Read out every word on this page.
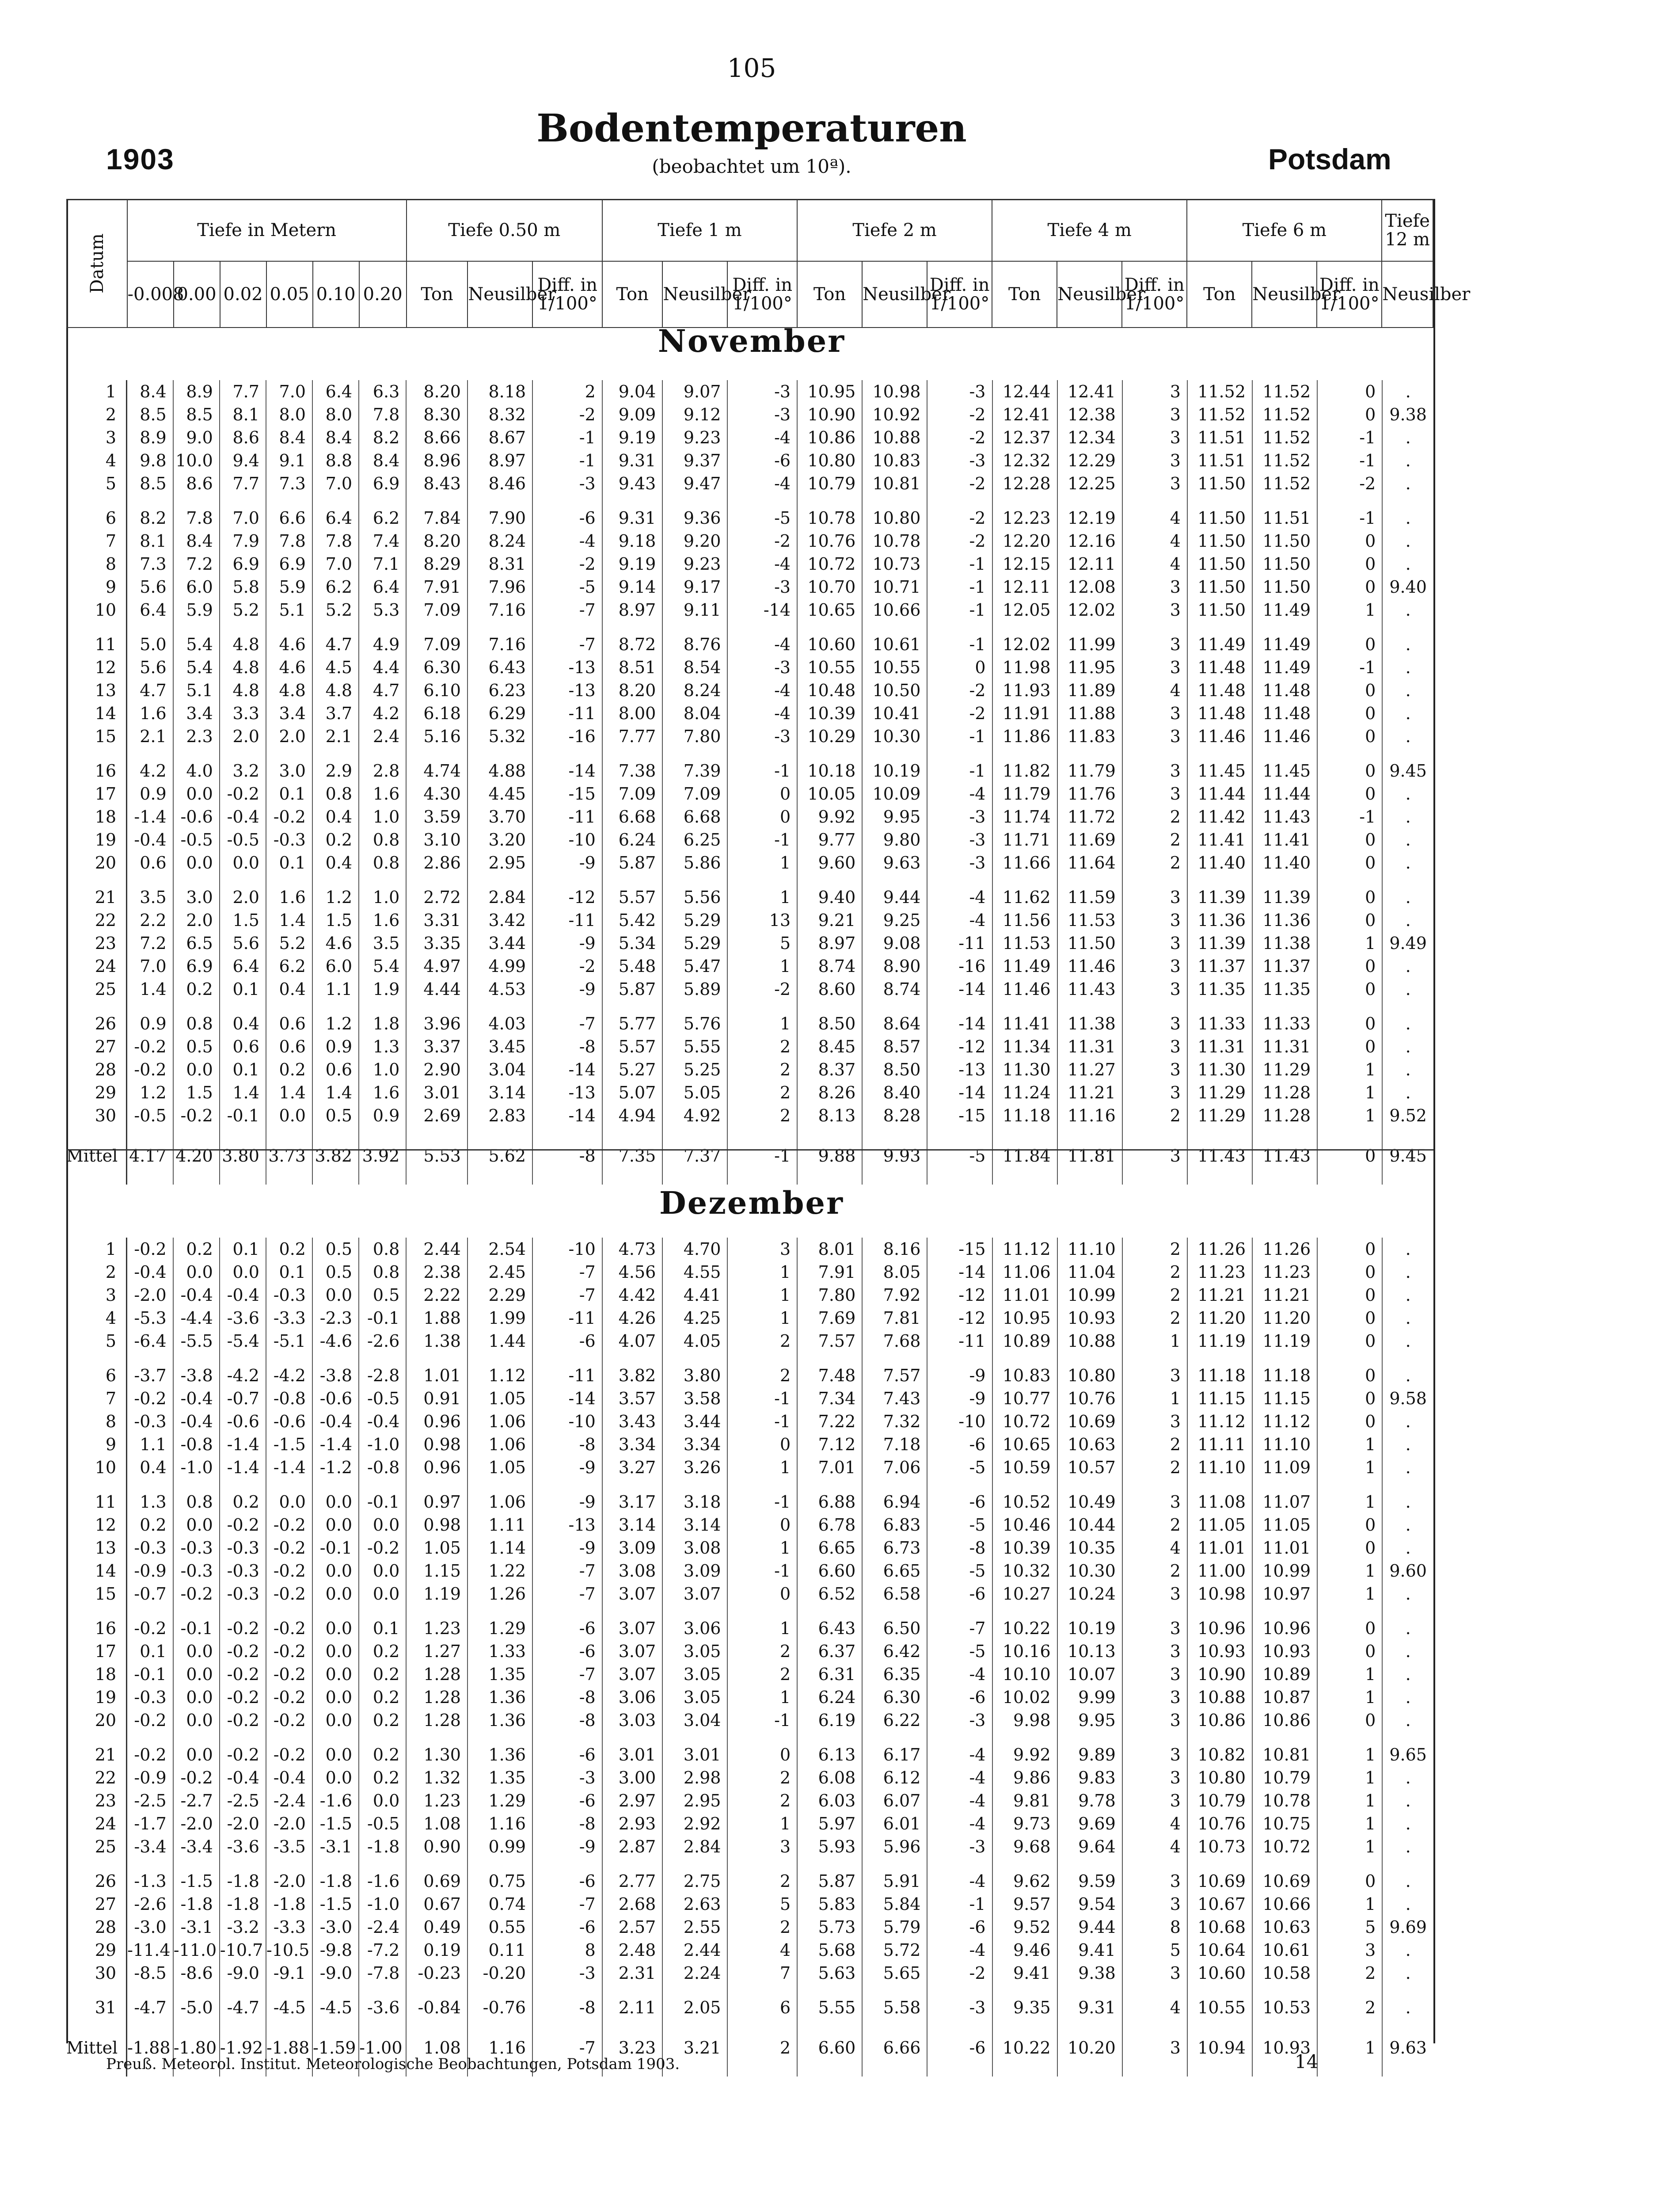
105
Bodentemperaturen
1903	Potsdam
(beobachtet um 10ª).
Datum	Tiefe in Metern						Tiefe 0.50 m			Tiefe 1 m			Tiefe 2 m			Tiefe 4 m			Tiefe 6 m			Tiefe 12 m
	-0.008	0.00	0.02	0.05	0.10	0.20	Ton	Neusilber	Diff. in 1/100°	Ton	Neusilber	Diff. in 1/100°	Ton	Neusilber	Diff. in 1/100°	Ton	Neusilber	Diff. in 1/100°	Ton	Neusilber	Diff. in 1/100°	Neusilber
November
1	8.4	8.9	7.7	7.0	6.4	6.3	8.20	8.18	2	9.04	9.07	-3	10.95	10.98	-3	12.44	12.41	3	11.52	11.52	0	.
2	8.5	8.5	8.1	8.0	8.0	7.8	8.30	8.32	-2	9.09	9.12	-3	10.90	10.92	-2	12.41	12.38	3	11.52	11.52	0	9.38
3	8.9	9.0	8.6	8.4	8.4	8.2	8.66	8.67	-1	9.19	9.23	-4	10.86	10.88	-2	12.37	12.34	3	11.51	11.52	-1	.
4	9.8	10.0	9.4	9.1	8.8	8.4	8.96	8.97	-1	9.31	9.37	-6	10.80	10.83	-3	12.32	12.29	3	11.51	11.52	-1	.
5	8.5	8.6	7.7	7.3	7.0	6.9	8.43	8.46	-3	9.43	9.47	-4	10.79	10.81	-2	12.28	12.25	3	11.50	11.52	-2	.
6	8.2	7.8	7.0	6.6	6.4	6.2	7.84	7.90	-6	9.31	9.36	-5	10.78	10.80	-2	12.23	12.19	4	11.50	11.51	-1	.
7	8.1	8.4	7.9	7.8	7.8	7.4	8.20	8.24	-4	9.18	9.20	-2	10.76	10.78	-2	12.20	12.16	4	11.50	11.50	0	.
8	7.3	7.2	6.9	6.9	7.0	7.1	8.29	8.31	-2	9.19	9.23	-4	10.72	10.73	-1	12.15	12.11	4	11.50	11.50	0	.
9	5.6	6.0	5.8	5.9	6.2	6.4	7.91	7.96	-5	9.14	9.17	-3	10.70	10.71	-1	12.11	12.08	3	11.50	11.50	0	9.40
10	6.4	5.9	5.2	5.1	5.2	5.3	7.09	7.16	-7	8.97	9.11	-14	10.65	10.66	-1	12.05	12.02	3	11.50	11.49	1	.
11	5.0	5.4	4.8	4.6	4.7	4.9	7.09	7.16	-7	8.72	8.76	-4	10.60	10.61	-1	12.02	11.99	3	11.49	11.49	0	.
12	5.6	5.4	4.8	4.6	4.5	4.4	6.30	6.43	-13	8.51	8.54	-3	10.55	10.55	0	11.98	11.95	3	11.48	11.49	-1	.
13	4.7	5.1	4.8	4.8	4.8	4.7	6.10	6.23	-13	8.20	8.24	-4	10.48	10.50	-2	11.93	11.89	4	11.48	11.48	0	.
14	1.6	3.4	3.3	3.4	3.7	4.2	6.18	6.29	-11	8.00	8.04	-4	10.39	10.41	-2	11.91	11.88	3	11.48	11.48	0	.
15	2.1	2.3	2.0	2.0	2.1	2.4	5.16	5.32	-16	7.77	7.80	-3	10.29	10.30	-1	11.86	11.83	3	11.46	11.46	0	.
16	4.2	4.0	3.2	3.0	2.9	2.8	4.74	4.88	-14	7.38	7.39	-1	10.18	10.19	-1	11.82	11.79	3	11.45	11.45	0	9.45
17	0.9	0.0	-0.2	0.1	0.8	1.6	4.30	4.45	-15	7.09	7.09	0	10.05	10.09	-4	11.79	11.76	3	11.44	11.44	0	.
18	-1.4	-0.6	-0.4	-0.2	0.4	1.0	3.59	3.70	-11	6.68	6.68	0	9.92	9.95	-3	11.74	11.72	2	11.42	11.43	-1	.
19	-0.4	-0.5	-0.5	-0.3	0.2	0.8	3.10	3.20	-10	6.24	6.25	-1	9.77	9.80	-3	11.71	11.69	2	11.41	11.41	0	.
20	0.6	0.0	0.0	0.1	0.4	0.8	2.86	2.95	-9	5.87	5.86	1	9.60	9.63	-3	11.66	11.64	2	11.40	11.40	0	.
21	3.5	3.0	2.0	1.6	1.2	1.0	2.72	2.84	-12	5.57	5.56	1	9.40	9.44	-4	11.62	11.59	3	11.39	11.39	0	.
22	2.2	2.0	1.5	1.4	1.5	1.6	3.31	3.42	-11	5.42	5.29	13	9.21	9.25	-4	11.56	11.53	3	11.36	11.36	0	.
23	7.2	6.5	5.6	5.2	4.6	3.5	3.35	3.44	-9	5.34	5.29	5	8.97	9.08	-11	11.53	11.50	3	11.39	11.38	1	9.49
24	7.0	6.9	6.4	6.2	6.0	5.4	4.97	4.99	-2	5.48	5.47	1	8.74	8.90	-16	11.49	11.46	3	11.37	11.37	0	.
25	1.4	0.2	0.1	0.4	1.1	1.9	4.44	4.53	-9	5.87	5.89	-2	8.60	8.74	-14	11.46	11.43	3	11.35	11.35	0	.
26	0.9	0.8	0.4	0.6	1.2	1.8	3.96	4.03	-7	5.77	5.76	1	8.50	8.64	-14	11.41	11.38	3	11.33	11.33	0	.
27	-0.2	0.5	0.6	0.6	0.9	1.3	3.37	3.45	-8	5.57	5.55	2	8.45	8.57	-12	11.34	11.31	3	11.31	11.31	0	.
28	-0.2	0.0	0.1	0.2	0.6	1.0	2.90	3.04	-14	5.27	5.25	2	8.37	8.50	-13	11.30	11.27	3	11.30	11.29	1	.
29	1.2	1.5	1.4	1.4	1.4	1.6	3.01	3.14	-13	5.07	5.05	2	8.26	8.40	-14	11.24	11.21	3	11.29	11.28	1	.
30	-0.5	-0.2	-0.1	0.0	0.5	0.9	2.69	2.83	-14	4.94	4.92	2	8.13	8.28	-15	11.18	11.16	2	11.29	11.28	1	9.52
Mittel	4.17	4.20	3.80	3.73	3.82	3.92	5.53	5.62	-8	7.35	7.37	-1	9.88	9.93	-5	11.84	11.81	3	11.43	11.43	0	9.45
Dezember
1	-0.2	0.2	0.1	0.2	0.5	0.8	2.44	2.54	-10	4.73	4.70	3	8.01	8.16	-15	11.12	11.10	2	11.26	11.26	0	.
2	-0.4	0.0	0.0	0.1	0.5	0.8	2.38	2.45	-7	4.56	4.55	1	7.91	8.05	-14	11.06	11.04	2	11.23	11.23	0	.
3	-2.0	-0.4	-0.4	-0.3	0.0	0.5	2.22	2.29	-7	4.42	4.41	1	7.80	7.92	-12	11.01	10.99	2	11.21	11.21	0	.
4	-5.3	-4.4	-3.6	-3.3	-2.3	-0.1	1.88	1.99	-11	4.26	4.25	1	7.69	7.81	-12	10.95	10.93	2	11.20	11.20	0	.
5	-6.4	-5.5	-5.4	-5.1	-4.6	-2.6	1.38	1.44	-6	4.07	4.05	2	7.57	7.68	-11	10.89	10.88	1	11.19	11.19	0	.
6	-3.7	-3.8	-4.2	-4.2	-3.8	-2.8	1.01	1.12	-11	3.82	3.80	2	7.48	7.57	-9	10.83	10.80	3	11.18	11.18	0	.
7	-0.2	-0.4	-0.7	-0.8	-0.6	-0.5	0.91	1.05	-14	3.57	3.58	-1	7.34	7.43	-9	10.77	10.76	1	11.15	11.15	0	9.58
8	-0.3	-0.4	-0.6	-0.6	-0.4	-0.4	0.96	1.06	-10	3.43	3.44	-1	7.22	7.32	-10	10.72	10.69	3	11.12	11.12	0	.
9	1.1	-0.8	-1.4	-1.5	-1.4	-1.0	0.98	1.06	-8	3.34	3.34	0	7.12	7.18	-6	10.65	10.63	2	11.11	11.10	1	.
10	0.4	-1.0	-1.4	-1.4	-1.2	-0.8	0.96	1.05	-9	3.27	3.26	1	7.01	7.06	-5	10.59	10.57	2	11.10	11.09	1	.
11	1.3	0.8	0.2	0.0	0.0	-0.1	0.97	1.06	-9	3.17	3.18	-1	6.88	6.94	-6	10.52	10.49	3	11.08	11.07	1	.
12	0.2	0.0	-0.2	-0.2	0.0	0.0	0.98	1.11	-13	3.14	3.14	0	6.78	6.83	-5	10.46	10.44	2	11.05	11.05	0	.
13	-0.3	-0.3	-0.3	-0.2	-0.1	-0.2	1.05	1.14	-9	3.09	3.08	1	6.65	6.73	-8	10.39	10.35	4	11.01	11.01	0	.
14	-0.9	-0.3	-0.3	-0.2	0.0	0.0	1.15	1.22	-7	3.08	3.09	-1	6.60	6.65	-5	10.32	10.30	2	11.00	10.99	1	9.60
15	-0.7	-0.2	-0.3	-0.2	0.0	0.0	1.19	1.26	-7	3.07	3.07	0	6.52	6.58	-6	10.27	10.24	3	10.98	10.97	1	.
16	-0.2	-0.1	-0.2	-0.2	0.0	0.1	1.23	1.29	-6	3.07	3.06	1	6.43	6.50	-7	10.22	10.19	3	10.96	10.96	0	.
17	0.1	0.0	-0.2	-0.2	0.0	0.2	1.27	1.33	-6	3.07	3.05	2	6.37	6.42	-5	10.16	10.13	3	10.93	10.93	0	.
18	-0.1	0.0	-0.2	-0.2	0.0	0.2	1.28	1.35	-7	3.07	3.05	2	6.31	6.35	-4	10.10	10.07	3	10.90	10.89	1	.
19	-0.3	0.0	-0.2	-0.2	0.0	0.2	1.28	1.36	-8	3.06	3.05	1	6.24	6.30	-6	10.02	9.99	3	10.88	10.87	1	.
20	-0.2	0.0	-0.2	-0.2	0.0	0.2	1.28	1.36	-8	3.03	3.04	-1	6.19	6.22	-3	9.98	9.95	3	10.86	10.86	0	.
21	-0.2	0.0	-0.2	-0.2	0.0	0.2	1.30	1.36	-6	3.01	3.01	0	6.13	6.17	-4	9.92	9.89	3	10.82	10.81	1	9.65
22	-0.9	-0.2	-0.4	-0.4	0.0	0.2	1.32	1.35	-3	3.00	2.98	2	6.08	6.12	-4	9.86	9.83	3	10.80	10.79	1	.
23	-2.5	-2.7	-2.5	-2.4	-1.6	0.0	1.23	1.29	-6	2.97	2.95	2	6.03	6.07	-4	9.81	9.78	3	10.79	10.78	1	.
24	-1.7	-2.0	-2.0	-2.0	-1.5	-0.5	1.08	1.16	-8	2.93	2.92	1	5.97	6.01	-4	9.73	9.69	4	10.76	10.75	1	.
25	-3.4	-3.4	-3.6	-3.5	-3.1	-1.8	0.90	0.99	-9	2.87	2.84	3	5.93	5.96	-3	9.68	9.64	4	10.73	10.72	1	.
26	-1.3	-1.5	-1.8	-2.0	-1.8	-1.6	0.69	0.75	-6	2.77	2.75	2	5.87	5.91	-4	9.62	9.59	3	10.69	10.69	0	.
27	-2.6	-1.8	-1.8	-1.8	-1.5	-1.0	0.67	0.74	-7	2.68	2.63	5	5.83	5.84	-1	9.57	9.54	3	10.67	10.66	1	.
28	-3.0	-3.1	-3.2	-3.3	-3.0	-2.4	0.49	0.55	-6	2.57	2.55	2	5.73	5.79	-6	9.52	9.44	8	10.68	10.63	5	9.69
29	-11.4	-11.0	-10.7	-10.5	-9.8	-7.2	0.19	0.11	8	2.48	2.44	4	5.68	5.72	-4	9.46	9.41	5	10.64	10.61	3	.
30	-8.5	-8.6	-9.0	-9.1	-9.0	-7.8	-0.23	-0.20	-3	2.31	2.24	7	5.63	5.65	-2	9.41	9.38	3	10.60	10.58	2	.
31	-4.7	-5.0	-4.7	-4.5	-4.5	-3.6	-0.84	-0.76	-8	2.11	2.05	6	5.55	5.58	-3	9.35	9.31	4	10.55	10.53	2	.
Mittel	-1.88	-1.80	-1.92	-1.88	-1.59	-1.00	1.08	1.16	-7	3.23	3.21	2	6.60	6.66	-6	10.22	10.20	3	10.94	10.93	1	9.63
Preuß. Meteorol. Institut. Meteorologische Beobachtungen, Potsdam 1903.	14
